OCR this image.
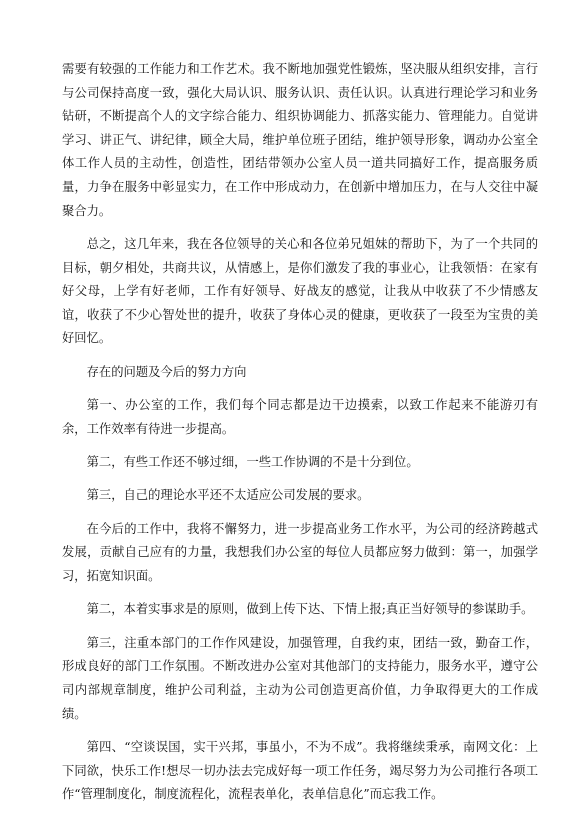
需要有较强的工作能力和工作艺术。我不断地加强党性锻炼，坚决服从组织安排，言行与公司保持高度一致，强化大局认识、服务认识、责任认识。认真进行理论学习和业务钻研，不断提高个人的文字综合能力、组织协调能力、抓落实能力、管理能力。自觉讲学习、讲正气、讲纪律，顾全大局，维护单位班子团结，维护领导形象，调动办公室全体工作人员的主动性，创造性，团结带领办公室人员一道共同搞好工作，提高服务质量，力争在服务中彰显实力，在工作中形成动力，在创新中增加压力，在与人交往中凝聚合力。

总之，这几年来，我在各位领导的关心和各位弟兄姐妹的帮助下，为了一个共同的目标，朝夕相处，共商共议，从情感上，是你们激发了我的事业心，让我领悟：在家有好父母，上学有好老师，工作有好领导、好战友的感觉，让我从中收获了不少情感友谊，收获了不少心智处世的提升，收获了身体心灵的健康，更收获了一段至为宝贵的美好回忆。

存在的问题及今后的努力方向

第一、办公室的工作，我们每个同志都是边干边摸索，以致工作起来不能游刃有余，工作效率有待进一步提高。

第二，有些工作还不够过细，一些工作协调的不是十分到位。

第三，自己的理论水平还不太适应公司发展的要求。

在今后的工作中，我将不懈努力，进一步提高业务工作水平，为公司的经济跨越式发展，贡献自己应有的力量，我想我们办公室的每位人员都应努力做到：第一，加强学习，拓宽知识面。

第二，本着实事求是的原则，做到上传下达、下情上报;真正当好领导的参谋助手。

第三，注重本部门的工作作风建设，加强管理，自我约束，团结一致，勤奋工作，形成良好的部门工作氛围。不断改进办公室对其他部门的支持能力，服务水平，遵守公司内部规章制度，维护公司利益，主动为公司创造更高价值，力争取得更大的工作成绩。

第四、“空谈误国，实干兴邦，事虽小，不为不成”。我将继续秉承，南网文化：上下同欲，快乐工作!想尽一切办法去完成好每一项工作任务，竭尽努力为公司推行各项工作“管理制度化，制度流程化，流程表单化，表单信息化”而忘我工作。
